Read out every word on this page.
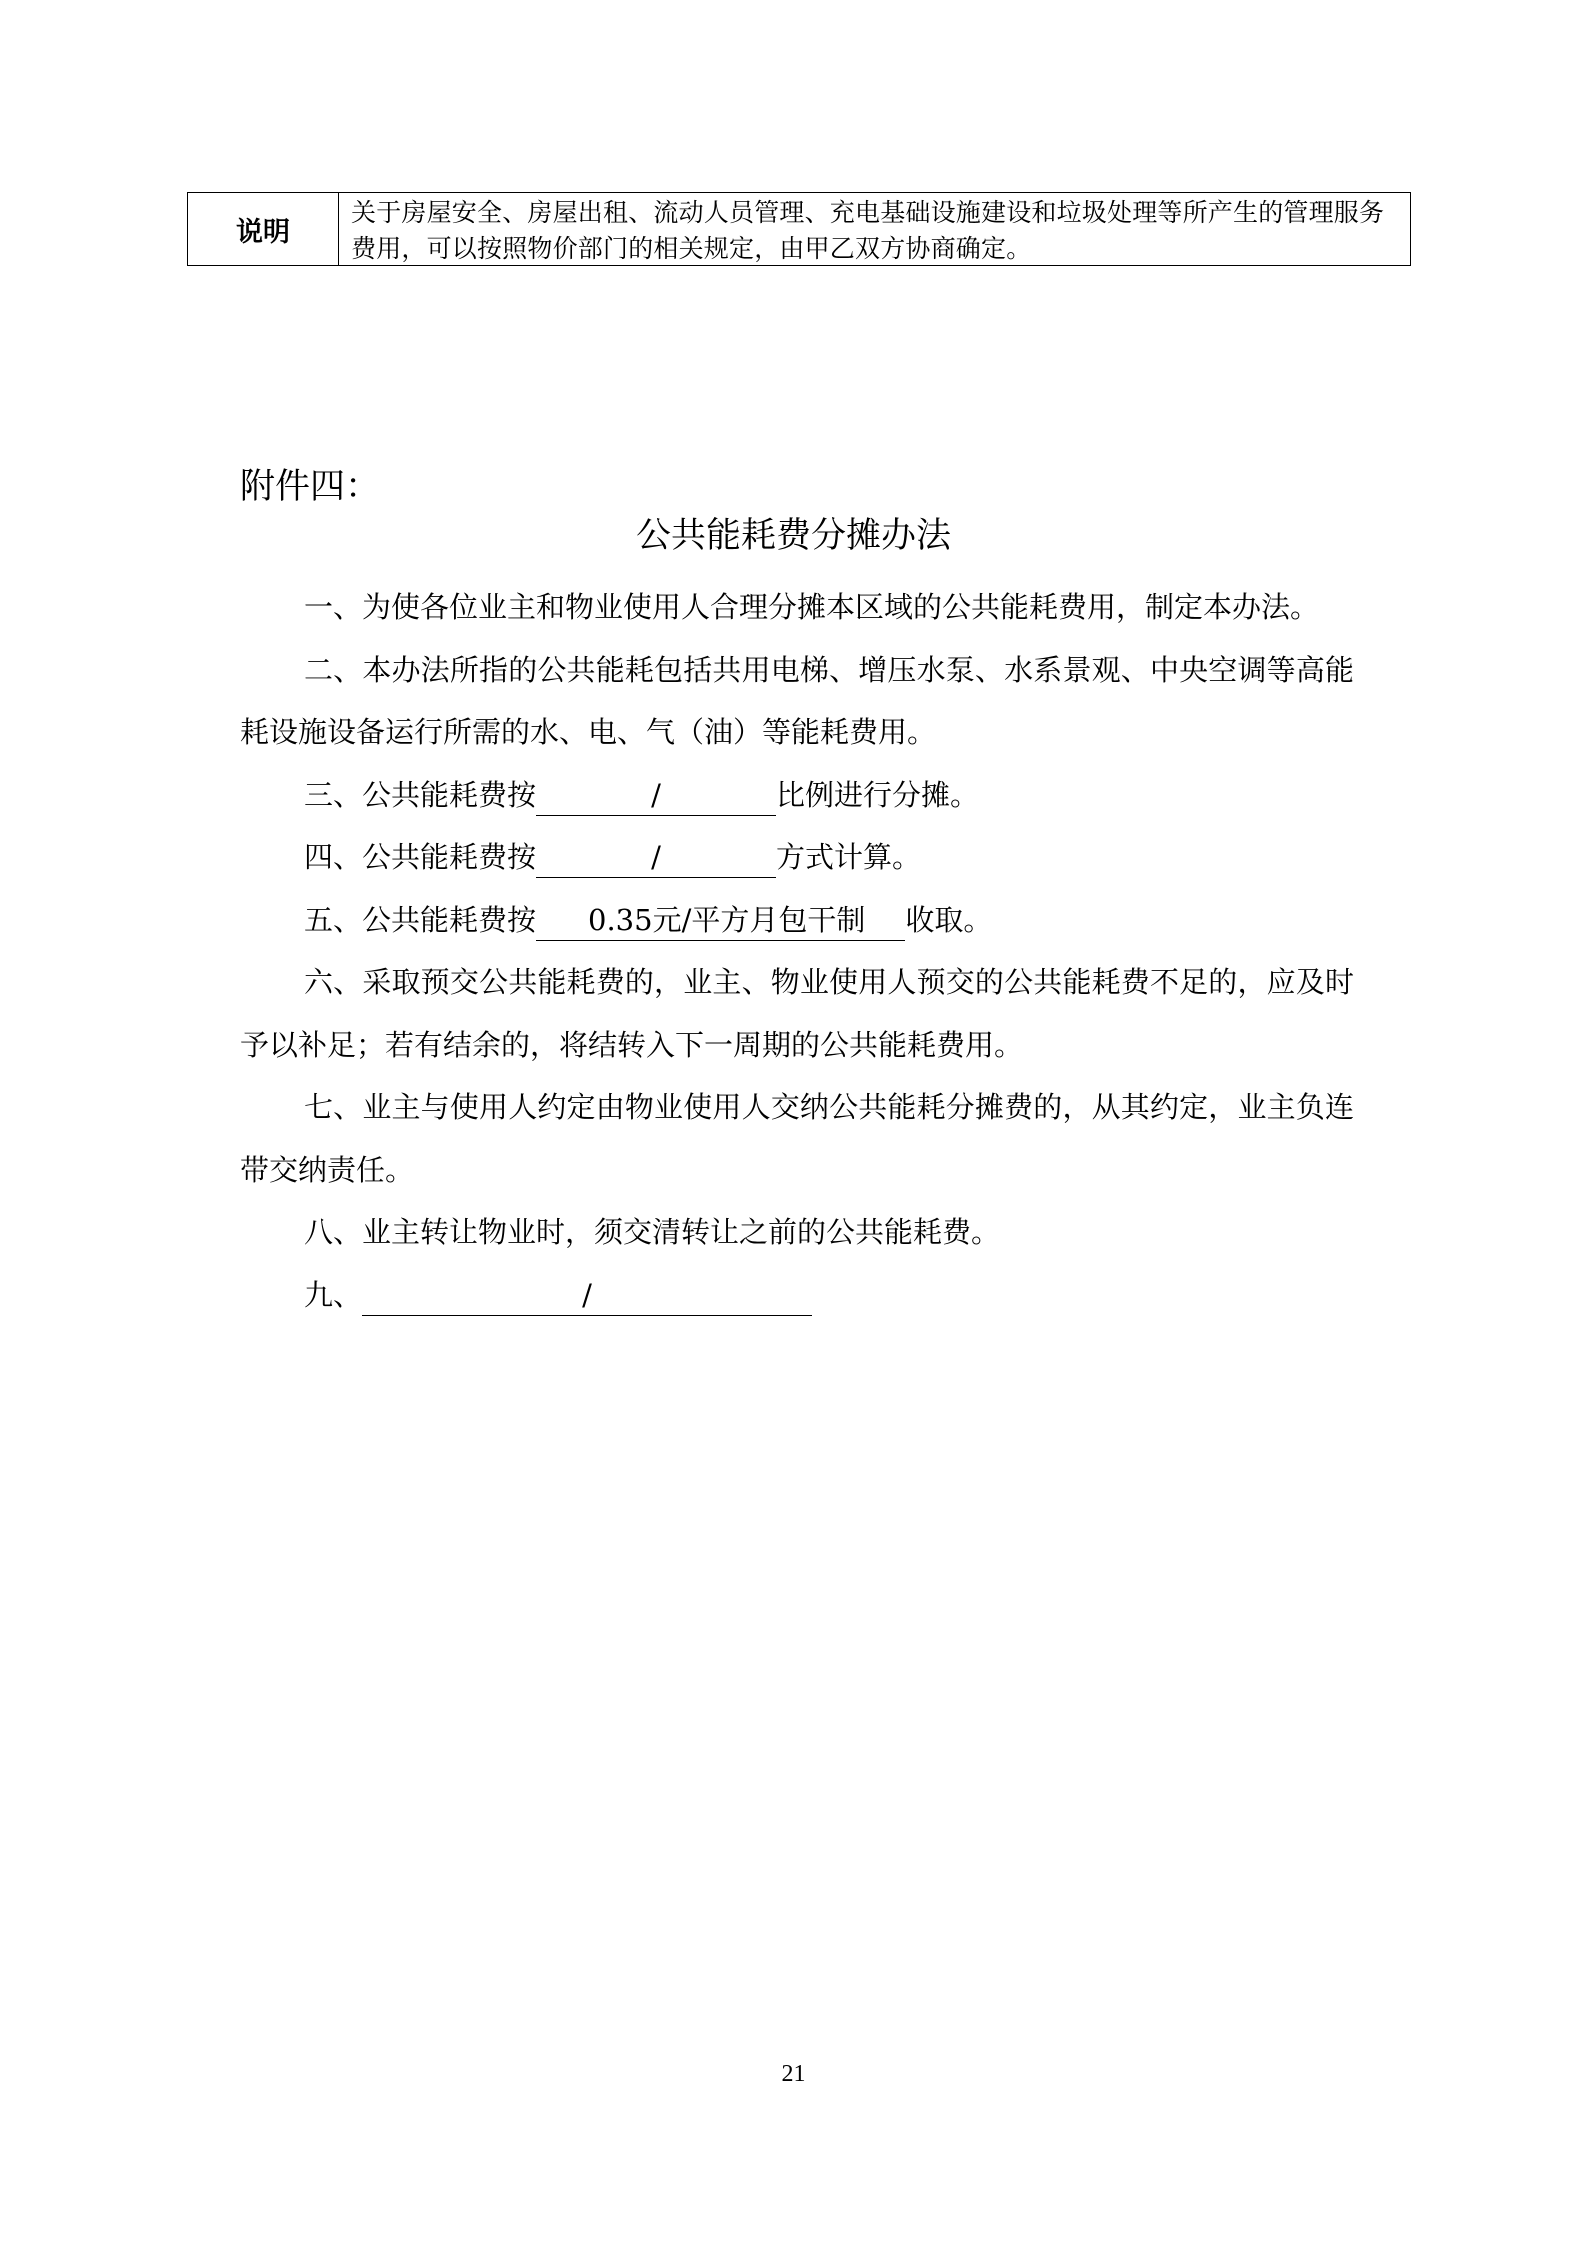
说明
关于房屋安全、房屋出租、流动人员管理、充电基础设施建设和垃圾处理等所产生的管理服务费用，可以按照物价部门的相关规定，由甲乙双方协商确定。
附件四：
公共能耗费分摊办法

一、为使各位业主和物业使用人合理分摊本区域的公共能耗费用，制定本办法。

二、本办法所指的公共能耗包括共用电梯、增压水泵、水系景观、中央空调等高能耗设施设备运行所需的水、电、气（油）等能耗费用。

三、公共能耗费按	/	比例进行分摊。

四、公共能耗费按	/	方式计算。

五、公共能耗费按 0.35元/平方月包干制 收取。

六、采取预交公共能耗费的，业主、物业使用人预交的公共能耗费不足的，应及时予以补足；若有结余的，将结转入下一周期的公共能耗费用。

七、业主与使用人约定由物业使用人交纳公共能耗分摊费的，从其约定，业主负连带交纳责任。

八、业主转让物业时，须交清转让之前的公共能耗费。

九、	/

21
